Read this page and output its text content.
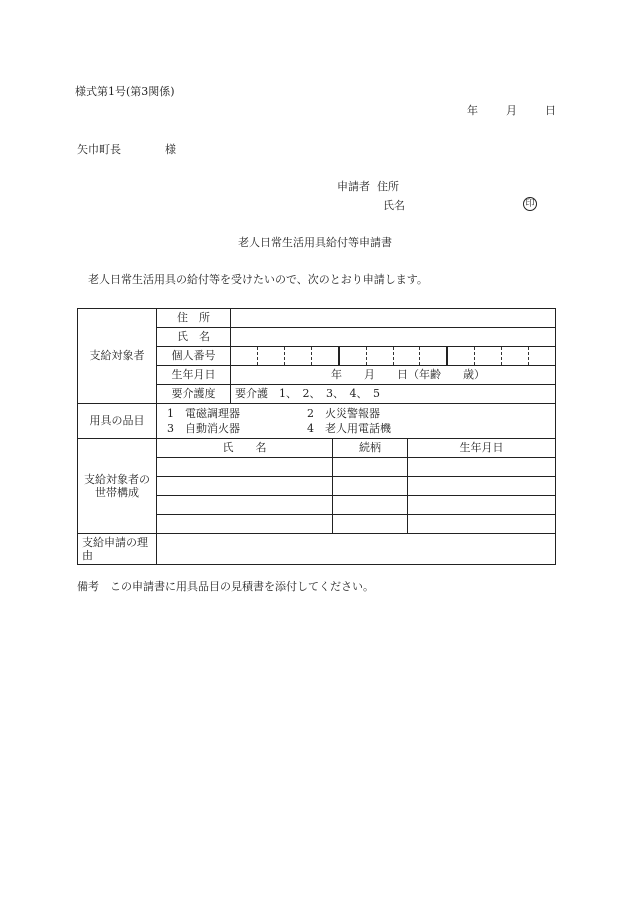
様式第1号(第3関係)
年	月	日
矢巾町長　　　　様
申請者 住所
氏名	印
老人日常生活用具給付等申請書
老人日常生活用具の給付等を受けたいので、次のとおり申請します。
支給対象者	住　所	
	氏　名	
	個人番号	

	生年月日	年　　月　　日（年齢　　歳）
	要介護度	要介護　1、　2、　3、　4、　5
用具の品目	1　電磁調理器 2　火災警報器
3　自動消火器 4　老人用電話機	

支給対象者の世帯構成	氏　　名 続柄 生年月日	

支給申請の理由		
備考　この申請書に用具品目の見積書を添付してください。
